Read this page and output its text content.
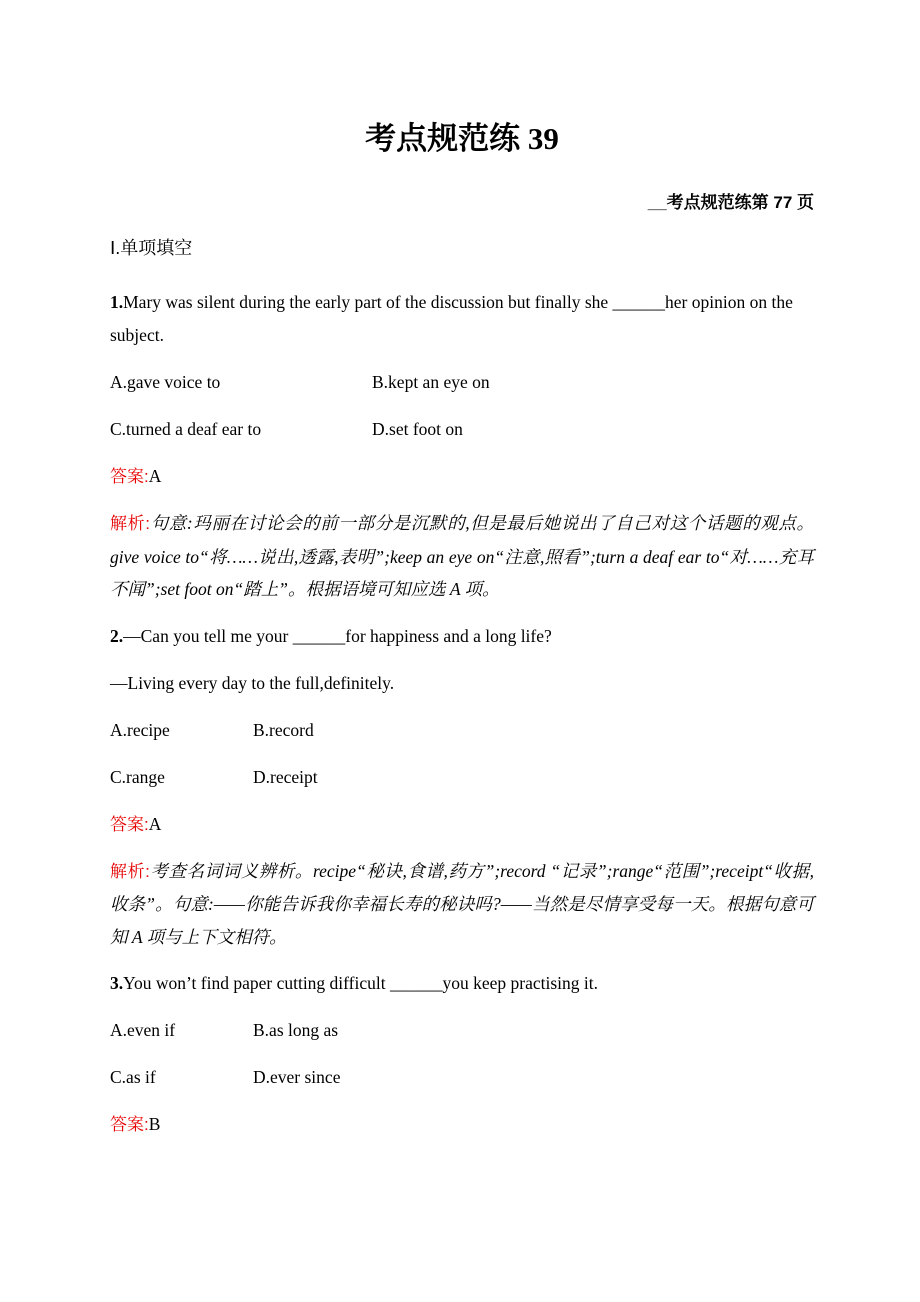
考点规范练 39
__考点规范练第 77 页
Ⅰ.单项填空

1.Mary was silent during the early part of the discussion but finally she ______her opinion on the subject.

A.gave voice to	B.kept an eye on

C.turned a deaf ear to	D.set foot on

答案:A

解析:句意:玛丽在讨论会的前一部分是沉默的,但是最后她说出了自己对这个话题的观点。give voice to“将……说出,透露,表明”;keep an eye on“注意,照看”;turn a deaf ear to“对……充耳不闻”;set foot on“踏上”。根据语境可知应选 A 项。

2.—Can you tell me your ______for happiness and a long life?

—Living every day to the full,definitely.

A.recipe	B.record

C.range	D.receipt

答案:A

解析:考查名词词义辨析。recipe“秘诀,食谱,药方”;record “记录”;range“范围”;receipt“收据,收条”。句意:——你能告诉我你幸福长寿的秘诀吗?——当然是尽情享受每一天。根据句意可知 A 项与上下文相符。

3.You won’t find paper cutting difficult ______you keep practising it.

A.even if	B.as long as

C.as if	D.ever since

答案:B
